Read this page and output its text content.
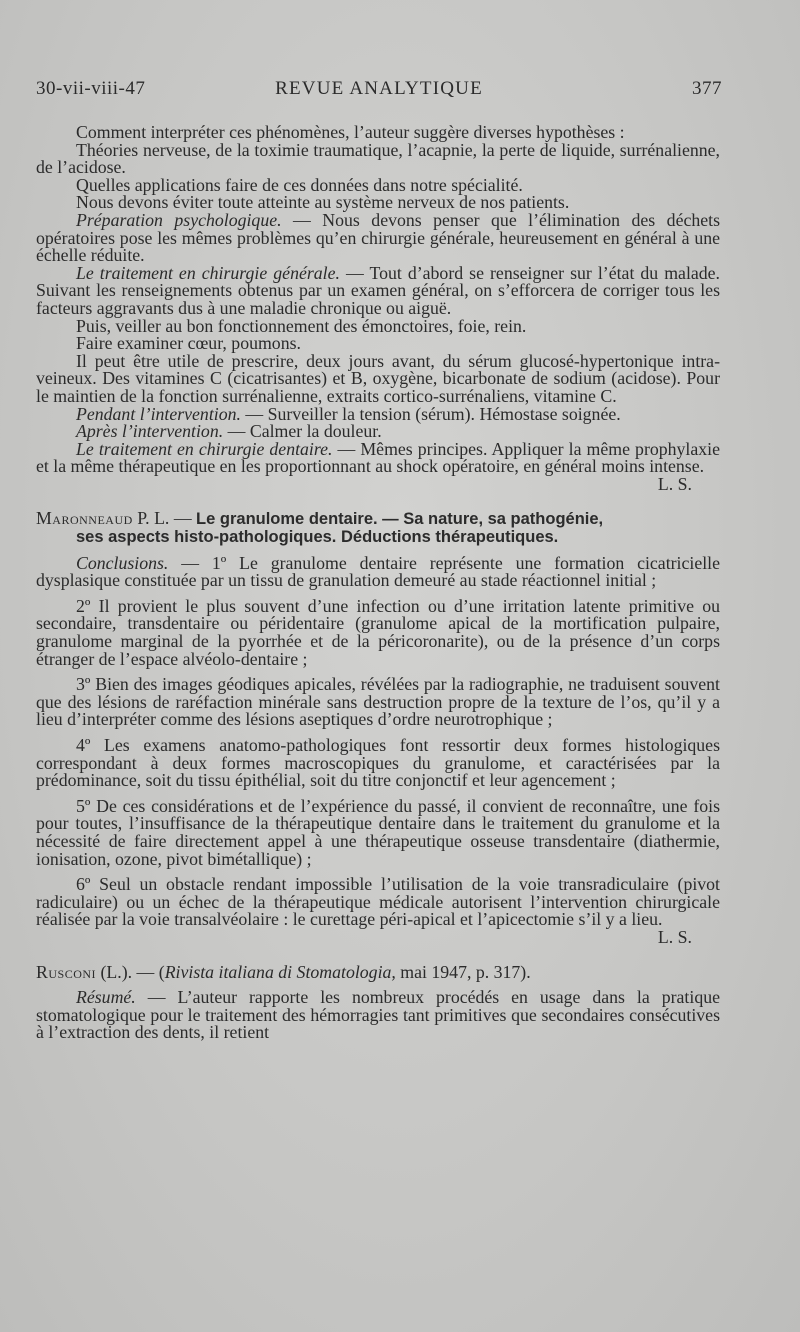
30-vii-viii-47	REVUE ANALYTIQUE	377

Comment interpréter ces phénomènes, l’auteur suggère diverses hypothèses :

Théories nerveuse, de la toximie traumatique, l’acapnie, la perte de liquide, surrénalienne, de l’acidose.

Quelles applications faire de ces données dans notre spécialité.

Nous devons éviter toute atteinte au système nerveux de nos patients.

Préparation psychologique. — Nous devons penser que l’élimination des déchets opératoires pose les mêmes problèmes qu’en chirurgie générale, heureusement en général à une échelle réduite.

Le traitement en chirurgie générale. — Tout d’abord se renseigner sur l’état du malade. Suivant les renseignements obtenus par un examen général, on s’efforcera de corriger tous les facteurs aggravants dus à une maladie chronique ou aiguë.

Puis, veiller au bon fonctionnement des émonctoires, foie, rein.

Faire examiner cœur, poumons.

Il peut être utile de prescrire, deux jours avant, du sérum glucosé-hypertonique intra-veineux. Des vitamines C (cicatrisantes) et B, oxygène, bicarbonate de sodium (acidose). Pour le maintien de la fonction surrénalienne, extraits cortico-surrénaliens, vitamine C.

Pendant l’intervention. — Surveiller la tension (sérum). Hémostase soignée.

Après l’intervention. — Calmer la douleur.

Le traitement en chirurgie dentaire. — Mêmes principes. Appliquer la même prophylaxie et la même thérapeutique en les proportionnant au shock opératoire, en général moins intense.
L. S.

Maronneaud P. L. — Le granulome dentaire. — Sa nature, sa pathogénie,
ses aspects histo-pathologiques. Déductions thérapeutiques.

Conclusions. — 1º Le granulome dentaire représente une formation cicatricielle dysplasique constituée par un tissu de granulation demeuré au stade réactionnel initial ;

2º Il provient le plus souvent d’une infection ou d’une irritation latente primitive ou secondaire, transdentaire ou péridentaire (granulome apical de la mortification pulpaire, granulome marginal de la pyorrhée et de la péricoronarite), ou de la présence d’un corps étranger de l’espace alvéolo-dentaire ;

3º Bien des images géodiques apicales, révélées par la radiographie, ne traduisent souvent que des lésions de raréfaction minérale sans destruction propre de la texture de l’os, qu’il y a lieu d’interpréter comme des lésions aseptiques d’ordre neurotrophique ;

4º Les examens anatomo-pathologiques font ressortir deux formes histologiques correspondant à deux formes macroscopiques du granulome, et caractérisées par la prédominance, soit du tissu épithélial, soit du titre conjonctif et leur agencement ;

5º De ces considérations et de l’expérience du passé, il convient de reconnaître, une fois pour toutes, l’insuffisance de la thérapeutique dentaire dans le traitement du granulome et la nécessité de faire directement appel à une thérapeutique osseuse transdentaire (diathermie, ionisation, ozone, pivot bimétallique) ;

6º Seul un obstacle rendant impossible l’utilisation de la voie transradiculaire (pivot radiculaire) ou un échec de la thérapeutique médicale autorisent l’intervention chirurgicale réalisée par la voie transalvéolaire : le curettage péri-apical et l’apicectomie s’il y a lieu.
L. S.

Rusconi (L.). — (Rivista italiana di Stomatologia, mai 1947, p. 317).

Résumé. — L’auteur rapporte les nombreux procédés en usage dans la pratique stomatologique pour le traitement des hémorragies tant primitives que secondaires consécutives à l’extraction des dents, il retient
